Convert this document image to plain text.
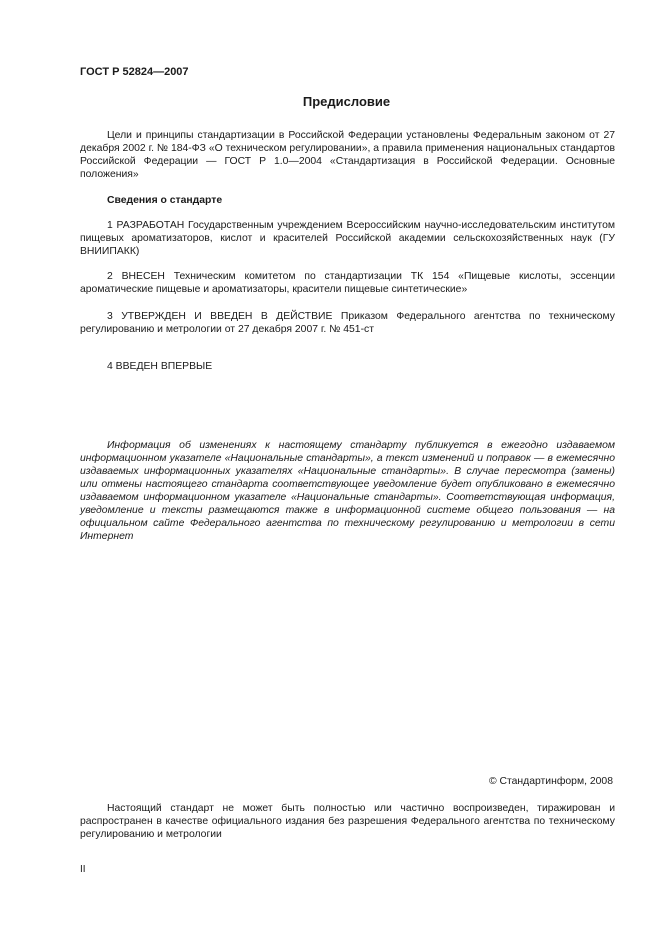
ГОСТ Р 52824—2007
Предисловие

Цели и принципы стандартизации в Российской Федерации установлены Федеральным законом от 27 декабря 2002 г. № 184-ФЗ «О техническом регулировании», а правила применения национальных стандартов Российской Федерации — ГОСТ Р 1.0—2004 «Стандартизация в Российской Федерации. Основные положения»

Сведения о стандарте

1 РАЗРАБОТАН Государственным учреждением Всероссийским научно-исследовательским институтом пищевых ароматизаторов, кислот и красителей Российской академии сельскохозяйственных наук (ГУ ВНИИПАКК)

2 ВНЕСЕН Техническим комитетом по стандартизации ТК 154 «Пищевые кислоты, эссенции ароматические пищевые и ароматизаторы, красители пищевые синтетические»

3 УТВЕРЖДЕН И ВВЕДЕН В ДЕЙСТВИЕ Приказом Федерального агентства по техническому регулированию и метрологии от 27 декабря 2007 г. № 451-ст

4 ВВЕДЕН ВПЕРВЫЕ

Информация об изменениях к настоящему стандарту публикуется в ежегодно издаваемом информационном указателе «Национальные стандарты», а текст изменений и поправок — в ежемесячно издаваемых информационных указателях «Национальные стандарты». В случае пересмотра (замены) или отмены настоящего стандарта соответствующее уведомление будет опубликовано в ежемесячно издаваемом информационном указателе «Национальные стандарты». Соответствующая информация, уведомление и тексты размещаются также в информационной системе общего пользования — на официальном сайте Федерального агентства по техническому регулированию и метрологии в сети Интернет

© Стандартинформ, 2008

Настоящий стандарт не может быть полностью или частично воспроизведен, тиражирован и распространен в качестве официального издания без разрешения Федерального агентства по техническому регулированию и метрологии

II
